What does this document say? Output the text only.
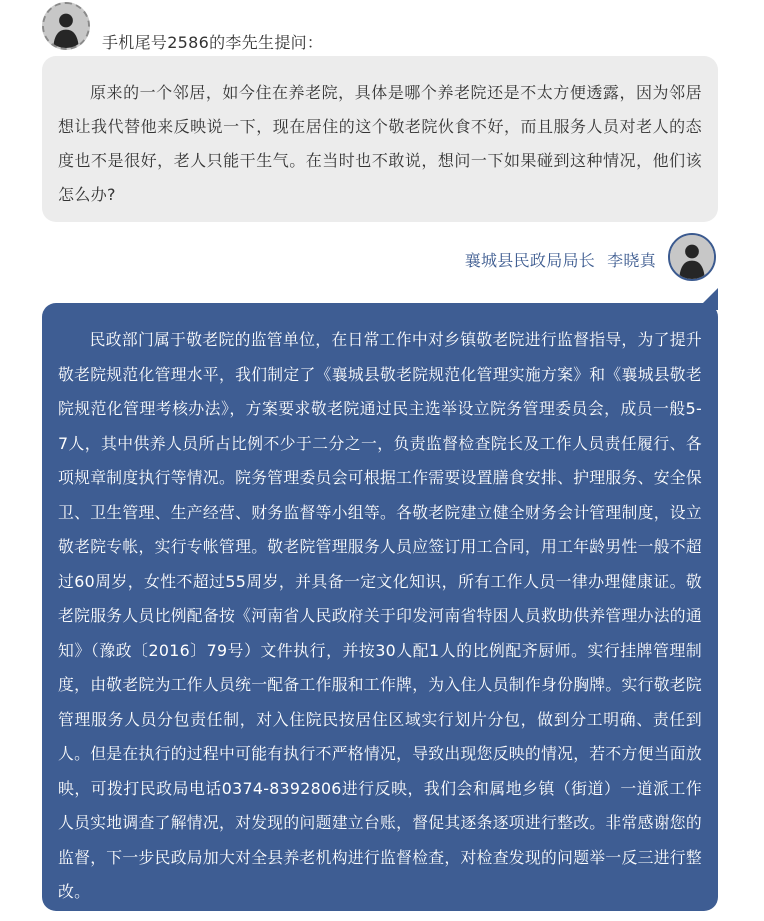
手机尾号2586的李先生提问：

原来的一个邻居，如今住在养老院，具体是哪个养老院还是不太方便透露，因为邻居想让我代替他来反映说一下，现在居住的这个敬老院伙食不好，而且服务人员对老人的态度也不是很好，老人只能干生气。在当时也不敢说，想问一下如果碰到这种情况，他们该怎么办?

襄城县民政局局长 李晓真

民政部门属于敬老院的监管单位，在日常工作中对乡镇敬老院进行监督指导，为了提升敬老院规范化管理水平，我们制定了《襄城县敬老院规范化管理实施方案》和《襄城县敬老院规范化管理考核办法》，方案要求敬老院通过民主选举设立院务管理委员会，成员一般5-7人，其中供养人员所占比例不少于二分之一，负责监督检查院长及工作人员责任履行、各项规章制度执行等情况。院务管理委员会可根据工作需要设置膳食安排、护理服务、安全保卫、卫生管理、生产经营、财务监督等小组等。各敬老院建立健全财务会计管理制度，设立敬老院专帐，实行专帐管理。敬老院管理服务人员应签订用工合同，用工年龄男性一般不超过60周岁，女性不超过55周岁，并具备一定文化知识，所有工作人员一律办理健康证。敬老院服务人员比例配备按《河南省人民政府关于印发河南省特困人员救助供养管理办法的通知》（豫政〔2016〕79号）文件执行，并按30人配1人的比例配齐厨师。实行挂牌管理制度，由敬老院为工作人员统一配备工作服和工作牌，为入住人员制作身份胸牌。实行敬老院管理服务人员分包责任制，对入住院民按居住区域实行划片分包，做到分工明确、责任到人。但是在执行的过程中可能有执行不严格情况，导致出现您反映的情况，若不方便当面放映，可拨打民政局电话0374-8392806进行反映，我们会和属地乡镇（街道）一道派工作人员实地调查了解情况，对发现的问题建立台账，督促其逐条逐项进行整改。非常感谢您的监督，下一步民政局加大对全县养老机构进行监督检查，对检查发现的问题举一反三进行整改。
